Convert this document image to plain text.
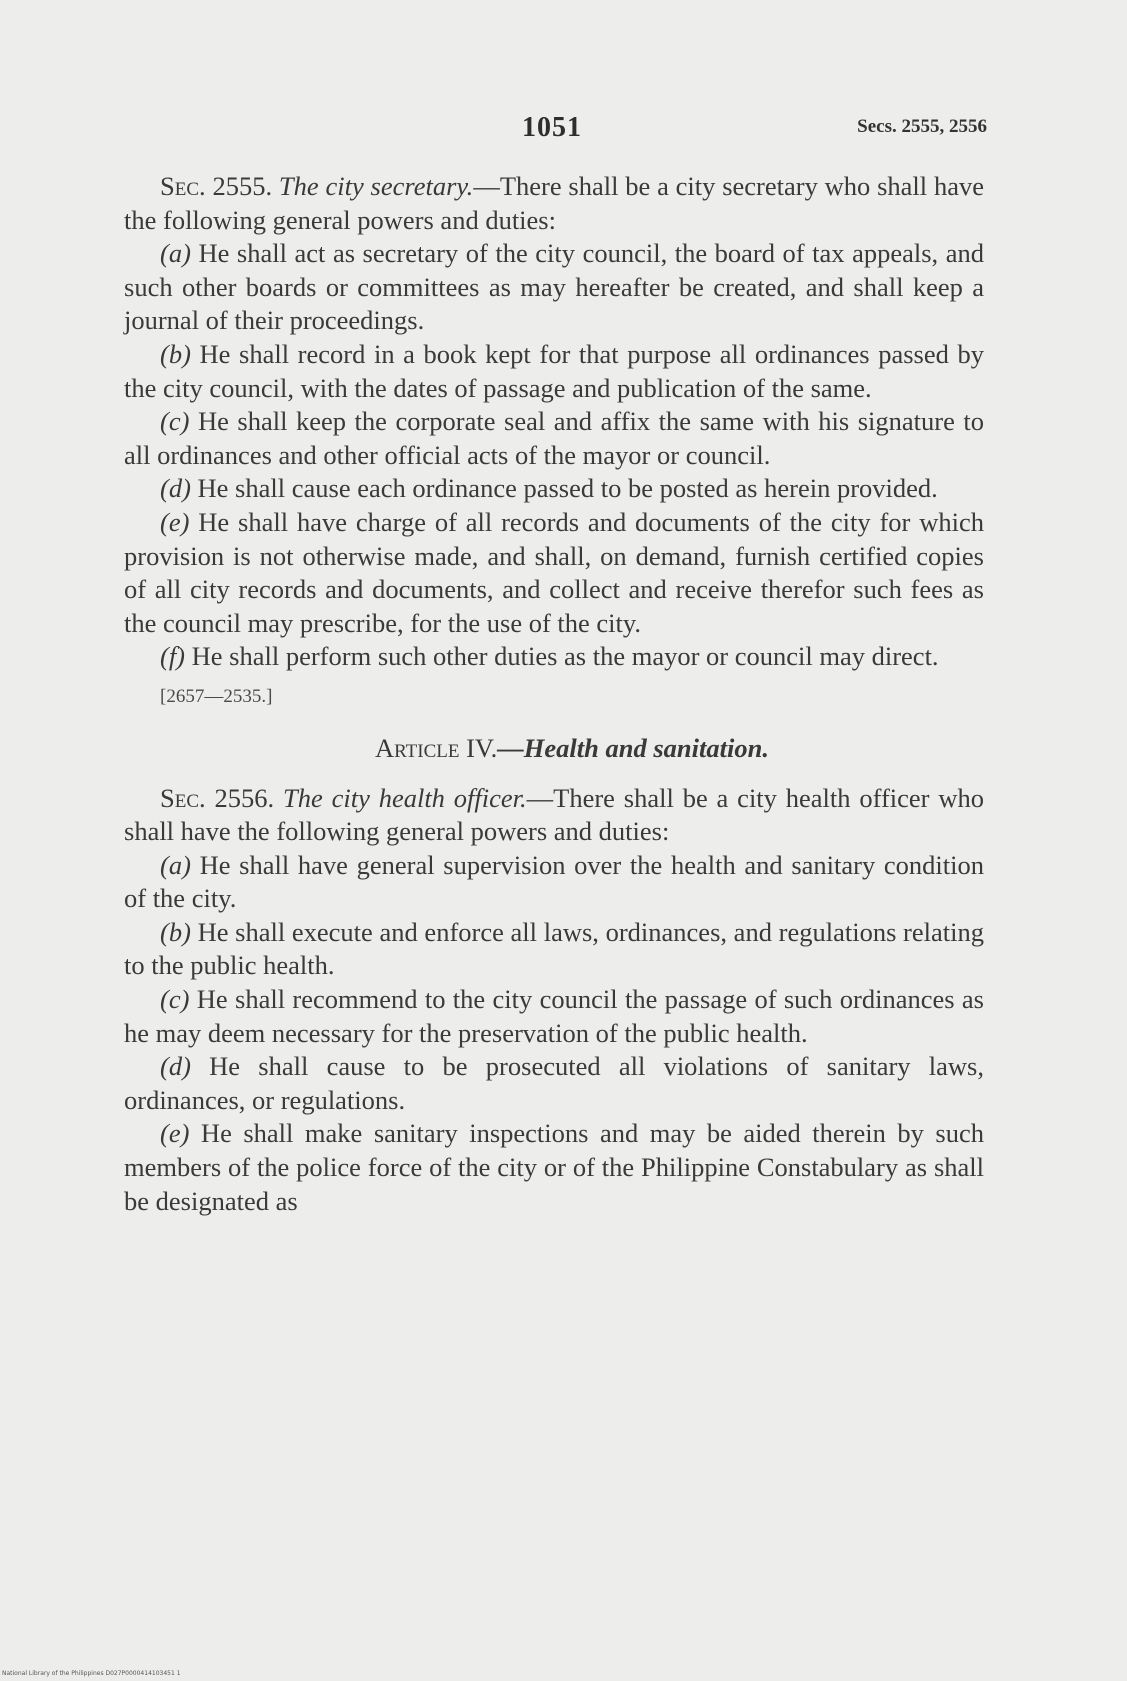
1051	Secs. 2555, 2556

Sec. 2555. The city secretary.—There shall be a city secretary who shall have the following general powers and duties:

(a) He shall act as secretary of the city council, the board of tax appeals, and such other boards or committees as may hereafter be created, and shall keep a journal of their proceedings.

(b) He shall record in a book kept for that purpose all ordinances passed by the city council, with the dates of passage and publication of the same.

(c) He shall keep the corporate seal and affix the same with his signature to all ordinances and other official acts of the mayor or council.

(d) He shall cause each ordinance passed to be posted as herein provided.

(e) He shall have charge of all records and documents of the city for which provision is not otherwise made, and shall, on demand, furnish certified copies of all city records and documents, and collect and receive therefor such fees as the council may prescribe, for the use of the city.

(f) He shall perform such other duties as the mayor or council may direct.

[2657—2535.]

Article IV.—Health and sanitation.

Sec. 2556. The city health officer.—There shall be a city health officer who shall have the following general powers and duties:

(a) He shall have general supervision over the health and sanitary condition of the city.

(b) He shall execute and enforce all laws, ordinances, and regulations relating to the public health.

(c) He shall recommend to the city council the passage of such ordinances as he may deem necessary for the preservation of the public health.

(d) He shall cause to be prosecuted all violations of sanitary laws, ordinances, or regulations.

(e) He shall make sanitary inspections and may be aided therein by such members of the police force of the city or of the Philippine Constabulary as shall be designated as

National Library of the Philippines D027P0000414103451 1
